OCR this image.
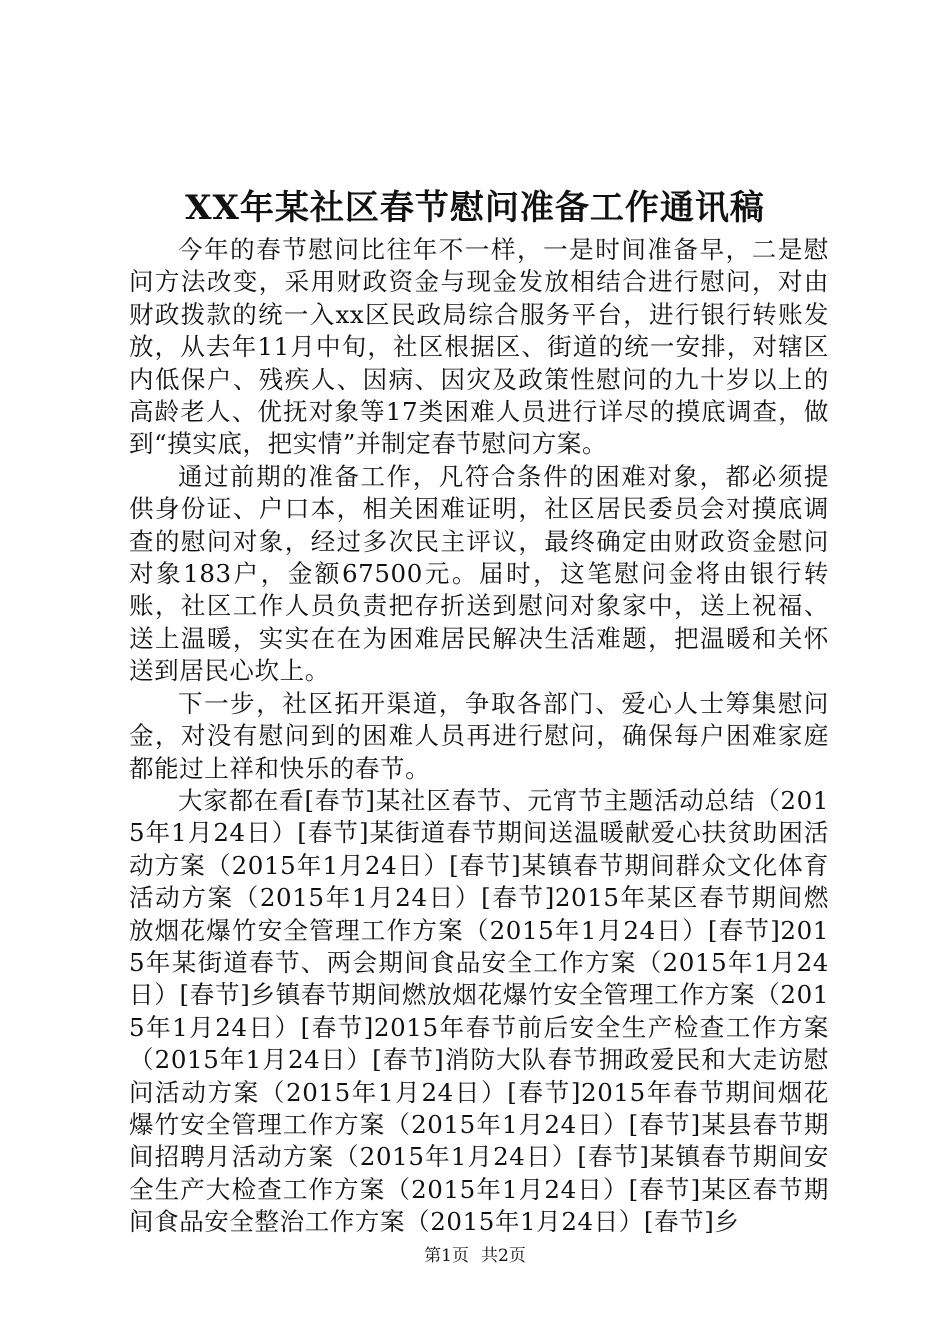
XX年某社区春节慰问准备工作通讯稿

今年的春节慰问比往年不一样，一是时间准备早，二是慰问方法改变，采用财政资金与现金发放相结合进行慰问，对由财政拨款的统一入xx区民政局综合服务平台，进行银行转账发放，从去年11月中旬，社区根据区、街道的统一安排，对辖区内低保户、残疾人、因病、因灾及政策性慰问的九十岁以上的高龄老人、优抚对象等17类困难人员进行详尽的摸底调查，做到“摸实底，把实情”并制定春节慰问方案。

通过前期的准备工作，凡符合条件的困难对象，都必须提供身份证、户口本，相关困难证明，社区居民委员会对摸底调查的慰问对象，经过多次民主评议，最终确定由财政资金慰问对象183户，金额67500元。届时，这笔慰问金将由银行转账，社区工作人员负责把存折送到慰问对象家中，送上祝福、送上温暖，实实在在为困难居民解决生活难题，把温暖和关怀送到居民心坎上。

下一步，社区拓开渠道，争取各部门、爱心人士筹集慰问金，对没有慰问到的困难人员再进行慰问，确保每户困难家庭都能过上祥和快乐的春节。

大家都在看[春节]某社区春节、元宵节主题活动总结（2015年1月24日）[春节]某街道春节期间送温暖献爱心扶贫助困活动方案（2015年1月24日）[春节]某镇春节期间群众文化体育活动方案（2015年1月24日）[春节]2015年某区春节期间燃放烟花爆竹安全管理工作方案（2015年1月24日）[春节]2015年某街道春节、两会期间食品安全工作方案（2015年1月24日）[春节]乡镇春节期间燃放烟花爆竹安全管理工作方案（2015年1月24日）[春节]2015年春节前后安全生产检查工作方案（2015年1月24日）[春节]消防大队春节拥政爱民和大走访慰问活动方案（2015年1月24日）[春节]2015年春节期间烟花爆竹安全管理工作方案（2015年1月24日）[春节]某县春节期间招聘月活动方案（2015年1月24日）[春节]某镇春节期间安全生产大检查工作方案（2015年1月24日）[春节]某区春节期间食品安全整治工作方案（2015年1月24日）[春节]乡

第1页 共2页
